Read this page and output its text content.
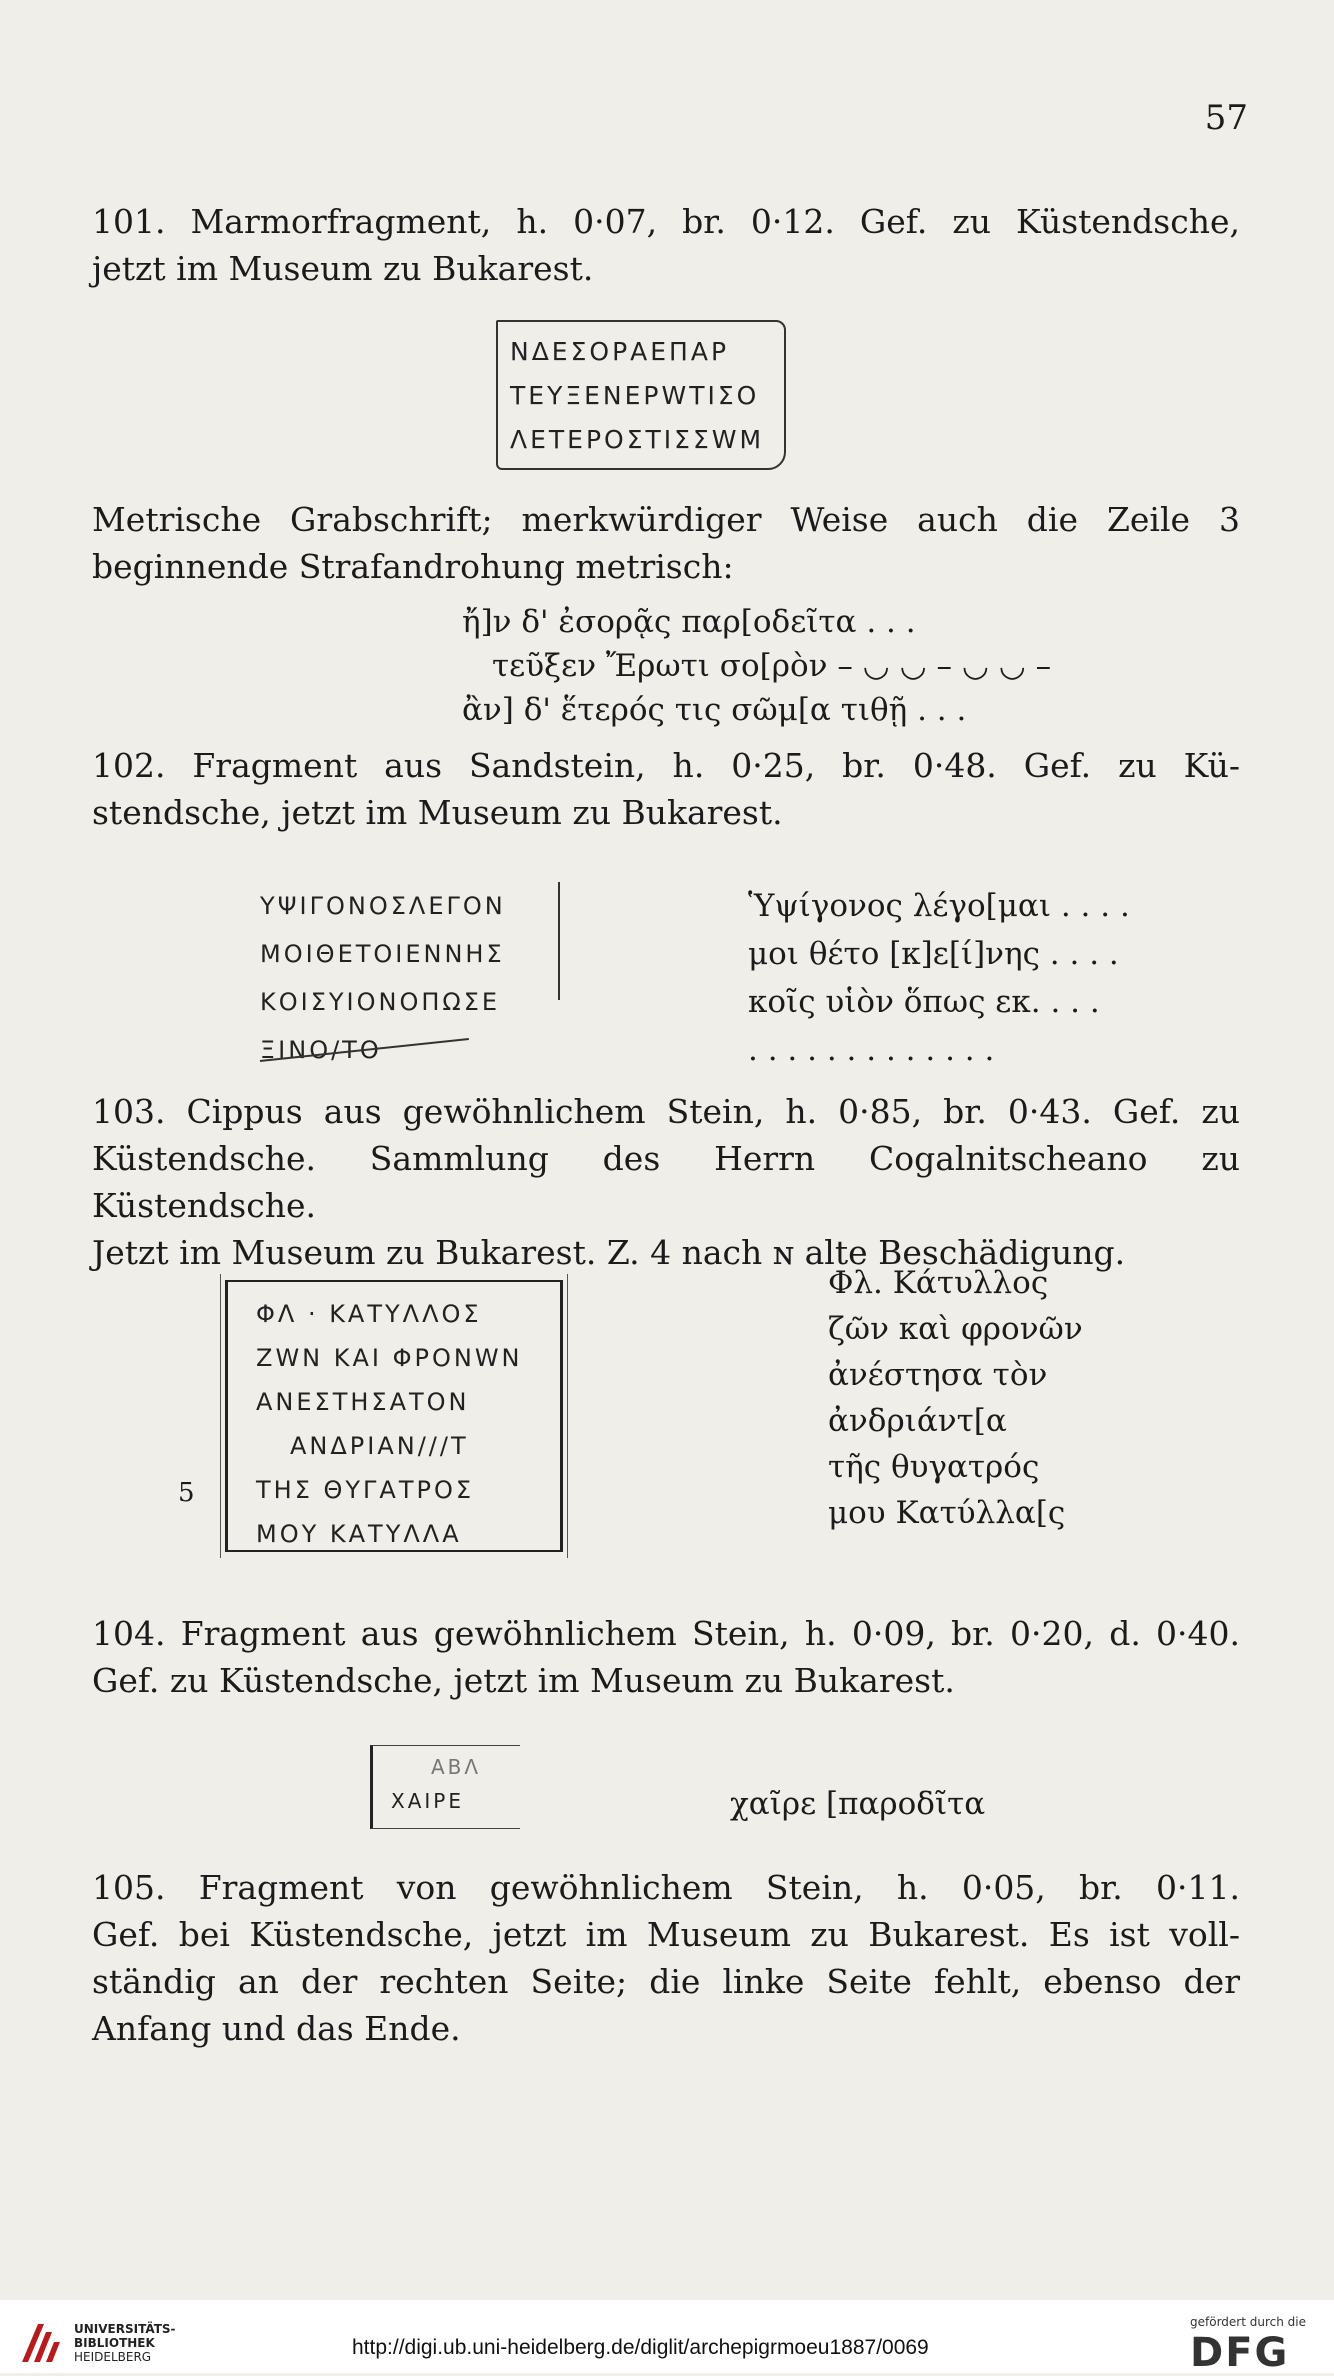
57
101. Marmorfragment, h. 0·07, br. 0·12. Gef. zu Küstendsche,
jetzt im Museum zu Bukarest.
ΝΔΕΣΟΡΑΕΠΑΡ
ΤΕΥΞΕΝΕΡWΤΙΣΟ
ΛΕΤΕΡΟΣΤΙΣΣWΜ
Metrische Grabschrift; merkwürdiger Weise auch die Zeile 3
beginnende Strafandrohung metrisch:
ἤ]ν δ' ἐσορᾷς παρ[οδεῖτα . . .
τεῦξεν Ἔρωτι σο[ρὸν – ◡ ◡ – ◡ ◡ –
ἂν] δ' ἕτερός τις σῶμ[α τιθῇ . . .
102. Fragment aus Sandstein, h. 0·25, br. 0·48. Gef. zu Kü-
stendsche, jetzt im Museum zu Bukarest.
ΥΨΙΓΟΝΟΣΛΕΓΟΝ
ΜΟΙΘΕΤΟΙΕΝΝΗΣ
ΚΟΙΣΥΙΟΝΟΠΩΣΕ
ΞΙΝΟ/ΤΟ
Ὑψίγονος λέγο[μαι . . . .
μοι θέτο [κ]ε[ί]νης . . . .
κοῖς υἱὸν ὅπως εκ. . . .
. . . . . . . . . . . . .
103. Cippus aus gewöhnlichem Stein, h. 0·85, br. 0·43. Gef. zu
Küstendsche. Sammlung des Herrn Cogalnitscheano zu Küstendsche.
Jetzt im Museum zu Bukarest. Z. 4 nach ɴ alte Beschädigung.
ΦΛ · ΚΑΤΥΛΛΟΣ
ΖWΝ ΚΑΙ ΦΡΟΝWΝ
ΑΝΕΣΤΗΣΑΤΟΝ
ΑΝΔΡΙΑΝ///Τ
ΤΗΣ ΘΥΓΑΤΡΟΣ
ΜΟΥ ΚΑΤΥΛΛΑ
5
Φλ. Κάτυλλος
ζῶν καὶ φρονῶν
ἀνέστησα τὸν
ἀνδριάντ[α
τῆς θυγατρός
μου Κατύλλα[ς
104. Fragment aus gewöhnlichem Stein, h. 0·09, br. 0·20, d. 0·40.
Gef. zu Küstendsche, jetzt im Museum zu Bukarest.
ΑΒΛ
ΧΑΙΡΕ	χαῖρε [παροδῖτα
105. Fragment von gewöhnlichem Stein, h. 0·05, br. 0·11.
Gef. bei Küstendsche, jetzt im Museum zu Bukarest. Es ist voll-
ständig an der rechten Seite; die linke Seite fehlt, ebenso der
Anfang und das Ende.
UNIVERSITÄTS-
BIBLIOTHEK
HEIDELBERG	http://digi.ub.uni-heidelberg.de/diglit/archepigrmoeu1887/0069
gefördert durch die
DFG
